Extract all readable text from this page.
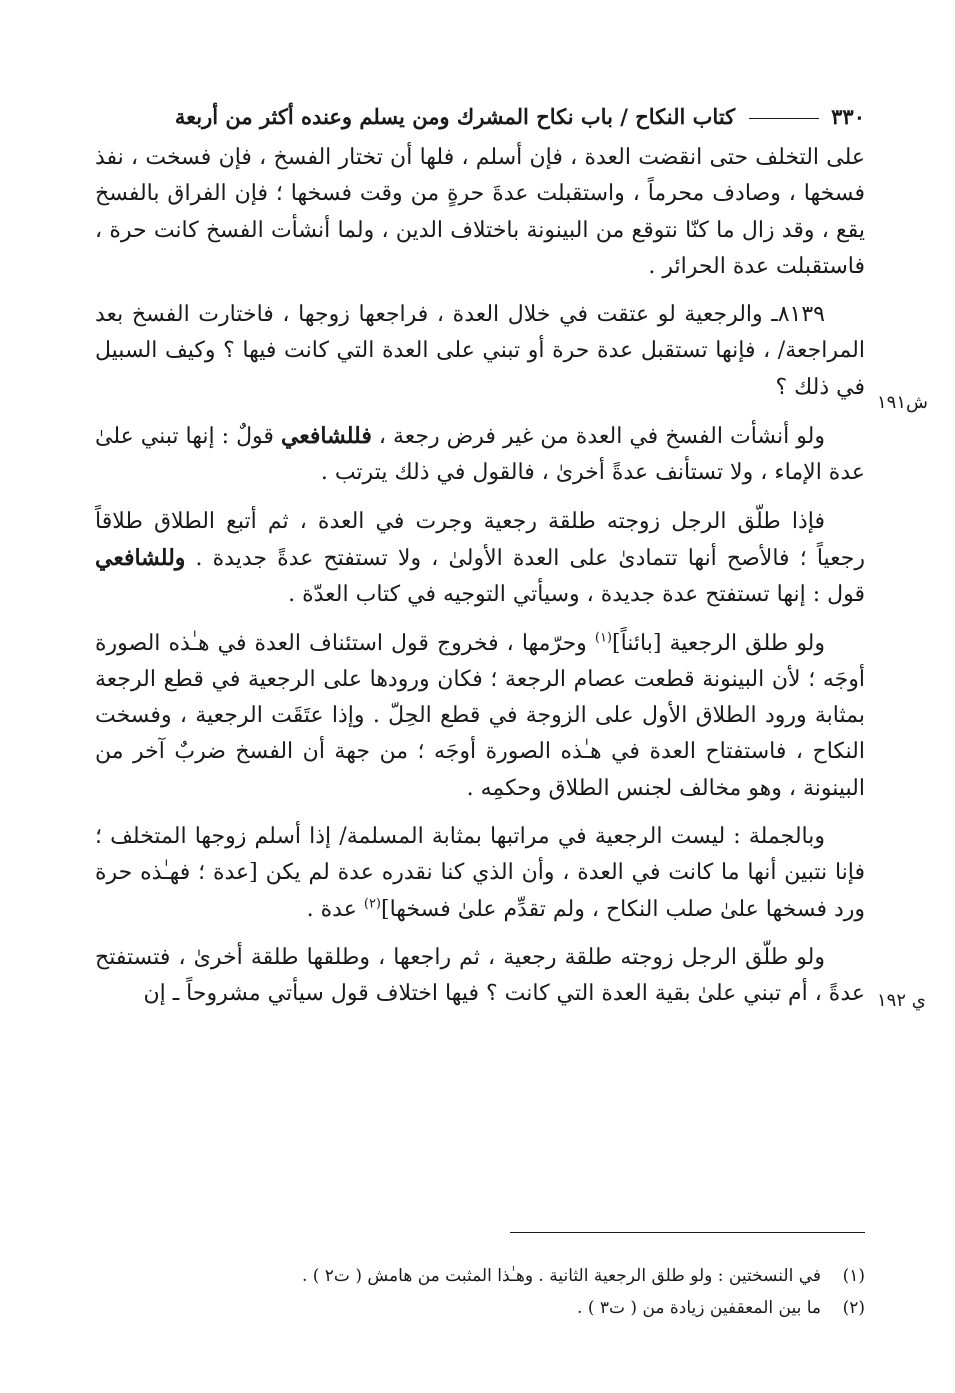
٣٣٠
كتاب النكاح / باب نكاح المشرك ومن يسلم وعنده أكثر من أربعة

على التخلف حتى انقضت العدة ، فإن أسلم ، فلها أن تختار الفسخ ، فإن فسخت ، نفذ فسخها ، وصادف محرماً ، واستقبلت عدةَ حرةٍ من وقت فسخها ؛ فإن الفراق بالفسخ يقع ، وقد زال ما كنّا نتوقع من البينونة باختلاف الدين ، ولما أنشأت الفسخ كانت حرة ، فاستقبلت عدة الحرائر .

٨١٣٩ـ والرجعية لو عتقت في خلال العدة ، فراجعها زوجها ، فاختارت الفسخ بعد المراجعة/ ، فإنها تستقبل عدة حرة أو تبني على العدة التي كانت فيها ؟ وكيف السبيل في ذلك ؟

ولو أنشأت الفسخ في العدة من غير فرض رجعة ، فللشافعي قولٌ : إنها تبني علىٰ عدة الإماء ، ولا تستأنف عدةً أخرىٰ ، فالقول في ذلك يترتب .

فإذا طلّق الرجل زوجته طلقة رجعية وجرت في العدة ، ثم أتبع الطلاق طلاقاً رجعياً ؛ فالأصح أنها تتمادىٰ على العدة الأولىٰ ، ولا تستفتح عدةً جديدة . وللشافعي قول : إنها تستفتح عدة جديدة ، وسيأتي التوجيه في كتاب العدّة .

ولو طلق الرجعية [بائناً]$^{(١)}$ وحرّمها ، فخروج قول استئناف العدة في هـٰذه الصورة أوجَه ؛ لأن البينونة قطعت عصام الرجعة ؛ فكان ورودها على الرجعية في قطع الرجعة بمثابة ورود الطلاق الأول على الزوجة في قطع الحِلّ . وإذا عتَقَت الرجعية ، وفسخت النكاح ، فاستفتاح العدة في هـٰذه الصورة أوجَه ؛ من جهة أن الفسخ ضربٌ آخر من البينونة ، وهو مخالف لجنس الطلاق وحكمِه .

وبالجملة : ليست الرجعية في مراتبها بمثابة المسلمة/ إذا أسلم زوجها المتخلف ؛ فإنا نتبين أنها ما كانت في العدة ، وأن الذي كنا نقدره عدة لم يكن [عدة ؛ فهـٰذه حرة ورد فسخها علىٰ صلب النكاح ، ولم تقدِّم علىٰ فسخها]$^{(٢)}$ عدة .

ولو طلّق الرجل زوجته طلقة رجعية ، ثم راجعها ، وطلقها طلقة أخرىٰ ، فتستفتح عدةً ، أم تبني علىٰ بقية العدة التي كانت ؟ فيها اختلاف قول سيأتي مشروحاً ـ إن

ش١٩١
ي ١٩٢
(١)في النسختين : ولو طلق الرجعية الثانية . وهـٰذا المثبت من هامش ( ت٢ ) .
(٢)ما بين المعقفين زيادة من ( ت٣ ) .
